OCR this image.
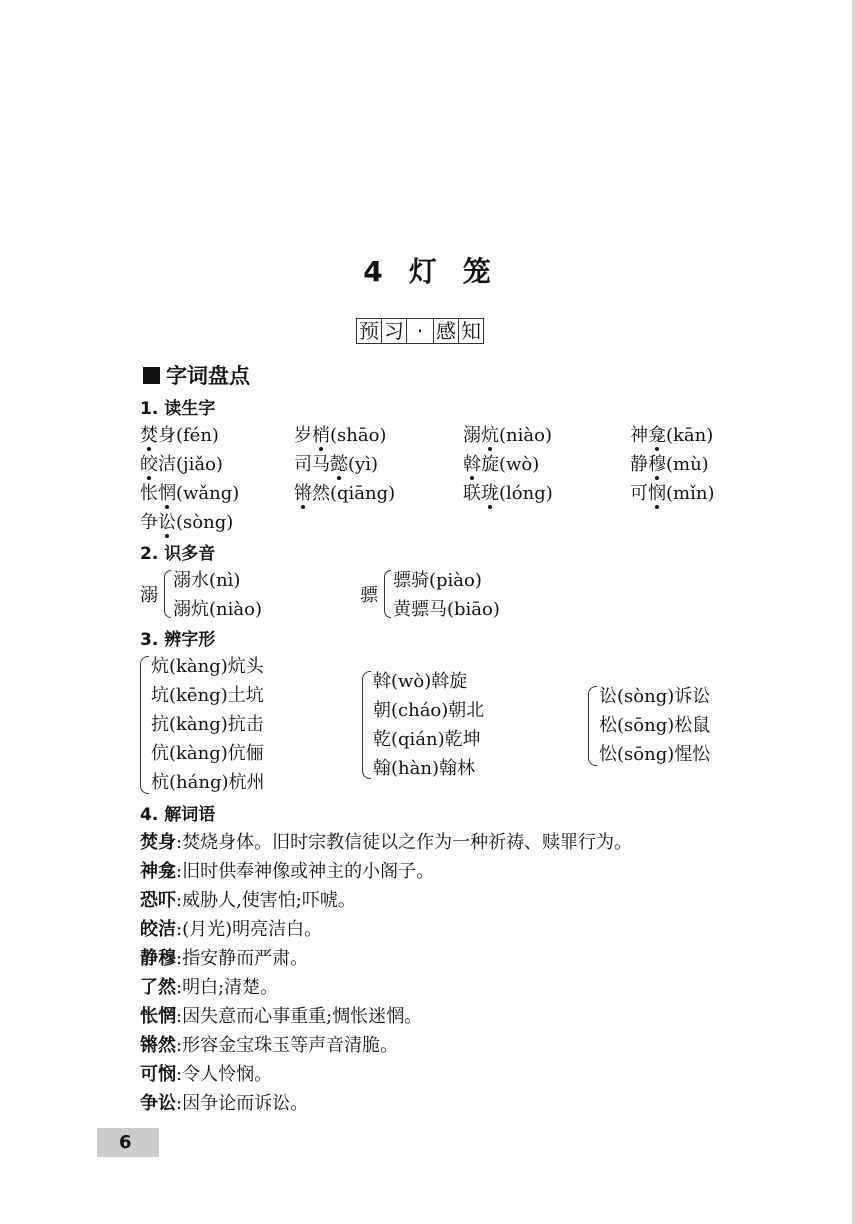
4 灯 笼
预 习 · 感 知
字词盘点
1. 读生字
焚身(fén)	岁梢(shāo)	溺炕(niào)	神龛(kān)
皎洁(jiǎo)	司马懿(yì)	斡旋(wò)	静穆(mù)
怅惘(wǎng)	锵然(qiāng)	联珑(lóng)	可悯(mǐn)
争讼(sòng)
2. 识多音
溺
溺水(nì)
溺炕(niào)
骠
骠骑(piào)
黄骠马(biāo)
3. 辨字形
炕(kàng)炕头
坑(kēng)土坑
抗(kàng)抗击
伉(kàng)伉俪
杭(háng)杭州
斡(wò)斡旋
朝(cháo)朝北
乾(qián)乾坤
翰(hàn)翰林
讼(sòng)诉讼
松(sōng)松鼠
忪(sōng)惺忪
4. 解词语
焚身:焚烧身体。旧时宗教信徒以之作为一种祈祷、赎罪行为。
神龛:旧时供奉神像或神主的小阁子。
恐吓:威胁人,使害怕;吓唬。
皎洁:(月光)明亮洁白。
静穆:指安静而严肃。
了然:明白;清楚。
怅惘:因失意而心事重重;惆怅迷惘。
锵然:形容金宝珠玉等声音清脆。
可悯:令人怜悯。
争讼:因争论而诉讼。
6
